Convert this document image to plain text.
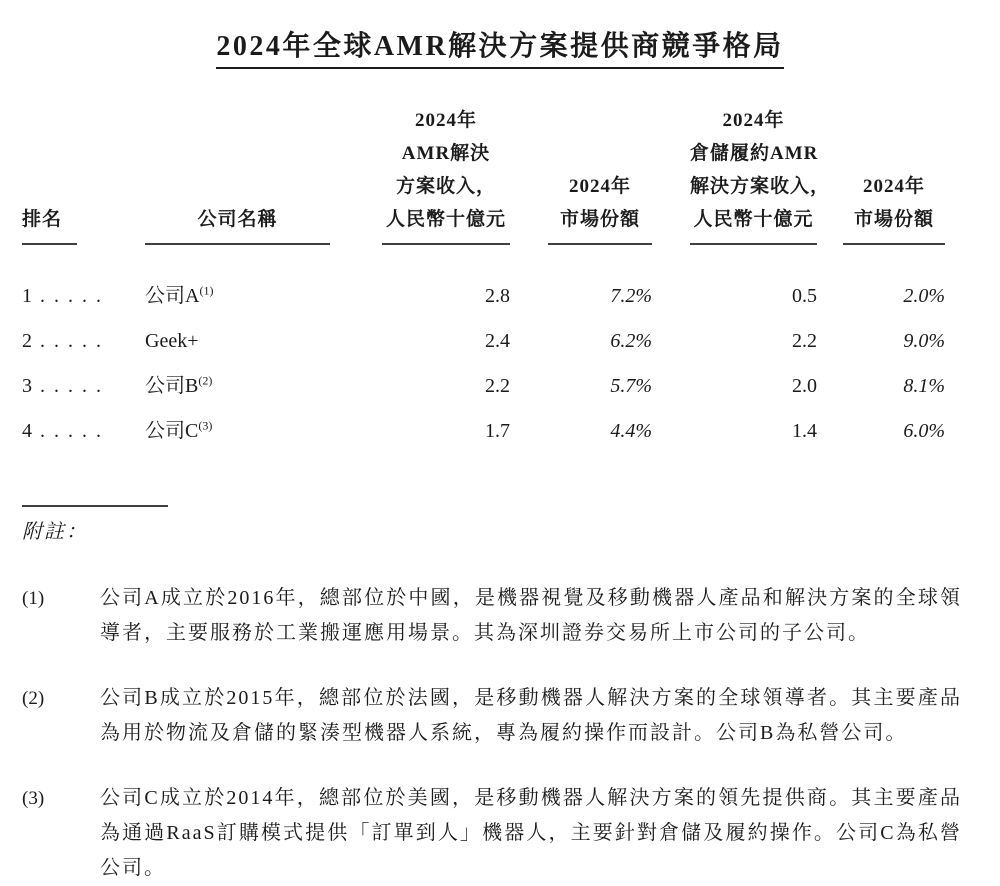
2024年全球AMR解決方案提供商競爭格局
排名	公司名稱

2024年
AMR解決
方案收入，
人民幣十億元

2024年
市場份額

2024年
倉儲履約AMR
解決方案收入，
人民幣十億元

2024年
市場份額

1 . . . . .	公司$A^{(1)}$	2.8	7.2%	0.5	2.0%
2 . . . . .	Geek+	2.4	6.2%	2.2	9.0%
3 . . . . .	公司$B^{(2)}$	2.2	5.7%	2.0	8.1%
4 . . . . .	公司$C^{(3)}$	1.7	4.4%	1.4	6.0%
附註：
(1)	公司A成立於2016年，總部位於中國，是機器視覺及移動機器人產品和解決方案的全球領導者，主要服務於工業搬運應用場景。其為深圳證券交易所上市公司的子公司。
(2)	公司B成立於2015年，總部位於法國，是移動機器人解決方案的全球領導者。其主要產品為用於物流及倉儲的緊湊型機器人系統，專為履約操作而設計。公司B為私營公司。
(3)	公司C成立於2014年，總部位於美國，是移動機器人解決方案的領先提供商。其主要產品為通過RaaS訂購模式提供「訂單到人」機器人，主要針對倉儲及履約操作。公司C為私營公司。
